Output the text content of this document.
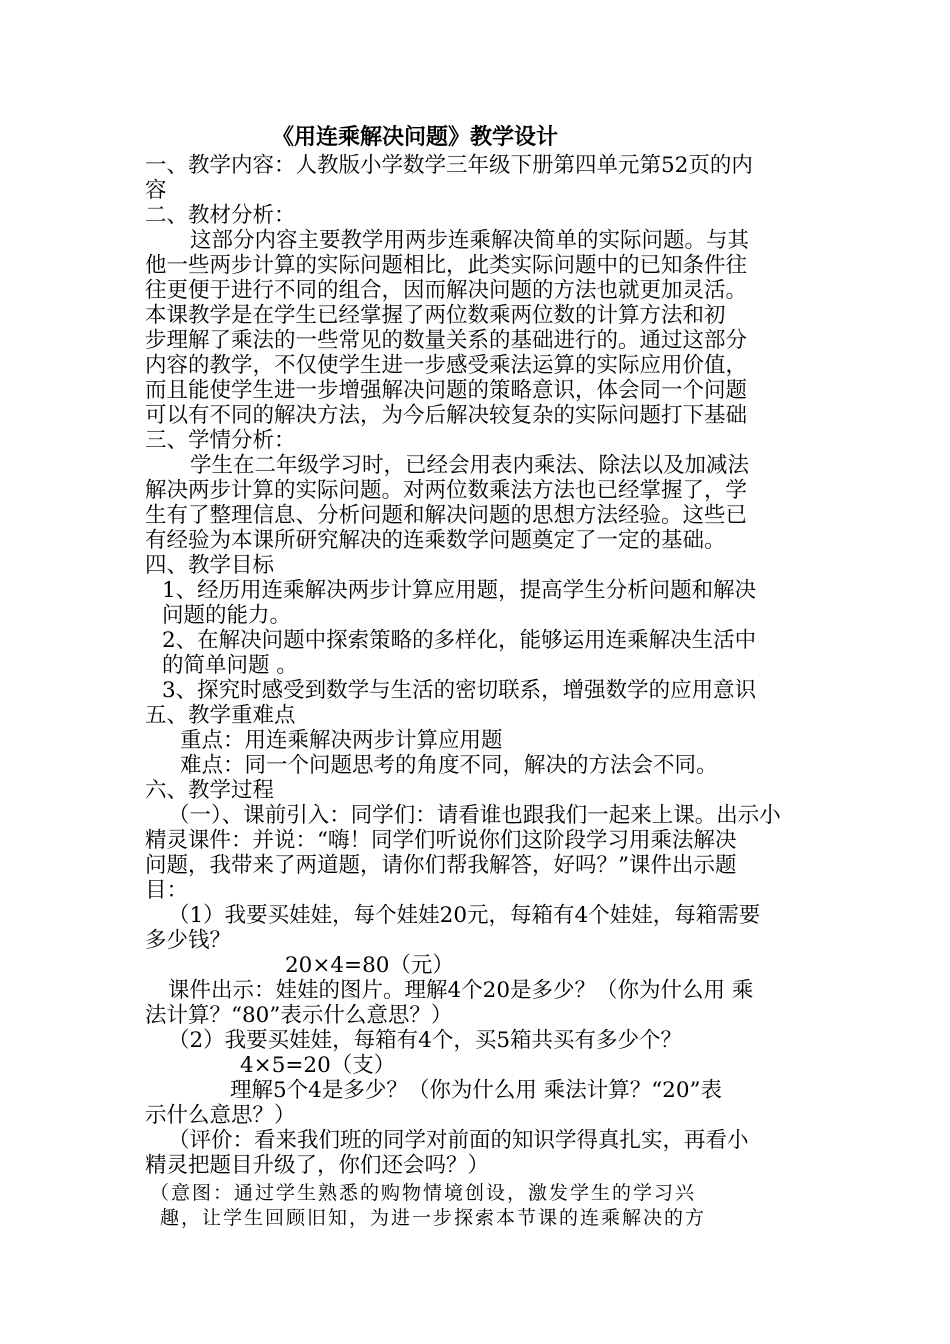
《用连乘解决问题》教学设计
一、教学内容：人教版小学数学三年级下册第四单元第52页的内
容
二、教材分析：
这部分内容主要教学用两步连乘解决简单的实际问题。与其
他一些两步计算的实际问题相比，此类实际问题中的已知条件往
往更便于进行不同的组合，因而解决问题的方法也就更加灵活。
本课教学是在学生已经掌握了两位数乘两位数的计算方法和初
步理解了乘法的一些常见的数量关系的基础进行的。通过这部分
内容的教学，不仅使学生进一步感受乘法运算的实际应用价值，
而且能使学生进一步增强解决问题的策略意识，体会同一个问题
可以有不同的解决方法，为今后解决较复杂的实际问题打下基础
三、学情分析：
学生在二年级学习时，已经会用表内乘法、除法以及加减法
解决两步计算的实际问题。对两位数乘法方法也已经掌握了，学
生有了整理信息、分析问题和解决问题的思想方法经验。这些已
有经验为本课所研究解决的连乘数学问题奠定了一定的基础。
四、教学目标
1、经历用连乘解决两步计算应用题，提高学生分析问题和解决
问题的能力。
2、在解决问题中探索策略的多样化，能够运用连乘解决生活中
的简单问题 。
3、探究时感受到数学与生活的密切联系，增强数学的应用意识
五、教学重难点
重点：用连乘解决两步计算应用题
难点：同一个问题思考的角度不同，解决的方法会不同。
六、教学过程
（一）、课前引入：同学们：请看谁也跟我们一起来上课。出示小
精灵课件：并说：“嗨！同学们听说你们这阶段学习用乘法解决
问题，我带来了两道题，请你们帮我解答，好吗？”课件出示题
目：
（1）我要买娃娃，每个娃娃20元，每箱有4个娃娃，每箱需要
多少钱？
20×4=80（元）
课件出示：娃娃的图片。理解4个20是多少？（你为什么用 乘
法计算？“80”表示什么意思？）
（2）我要买娃娃，每箱有4个，买5箱共买有多少个？
4×5=20（支）
理解5个4是多少？（你为什么用 乘法计算？“20”表
示什么意思？）
（评价：看来我们班的同学对前面的知识学得真扎实，再看小
精灵把题目升级了，你们还会吗？）
（意图：通过学生熟悉的购物情境创设，激发学生的学习兴
趣，让学生回顾旧知，为进一步探索本节课的连乘解决的方
